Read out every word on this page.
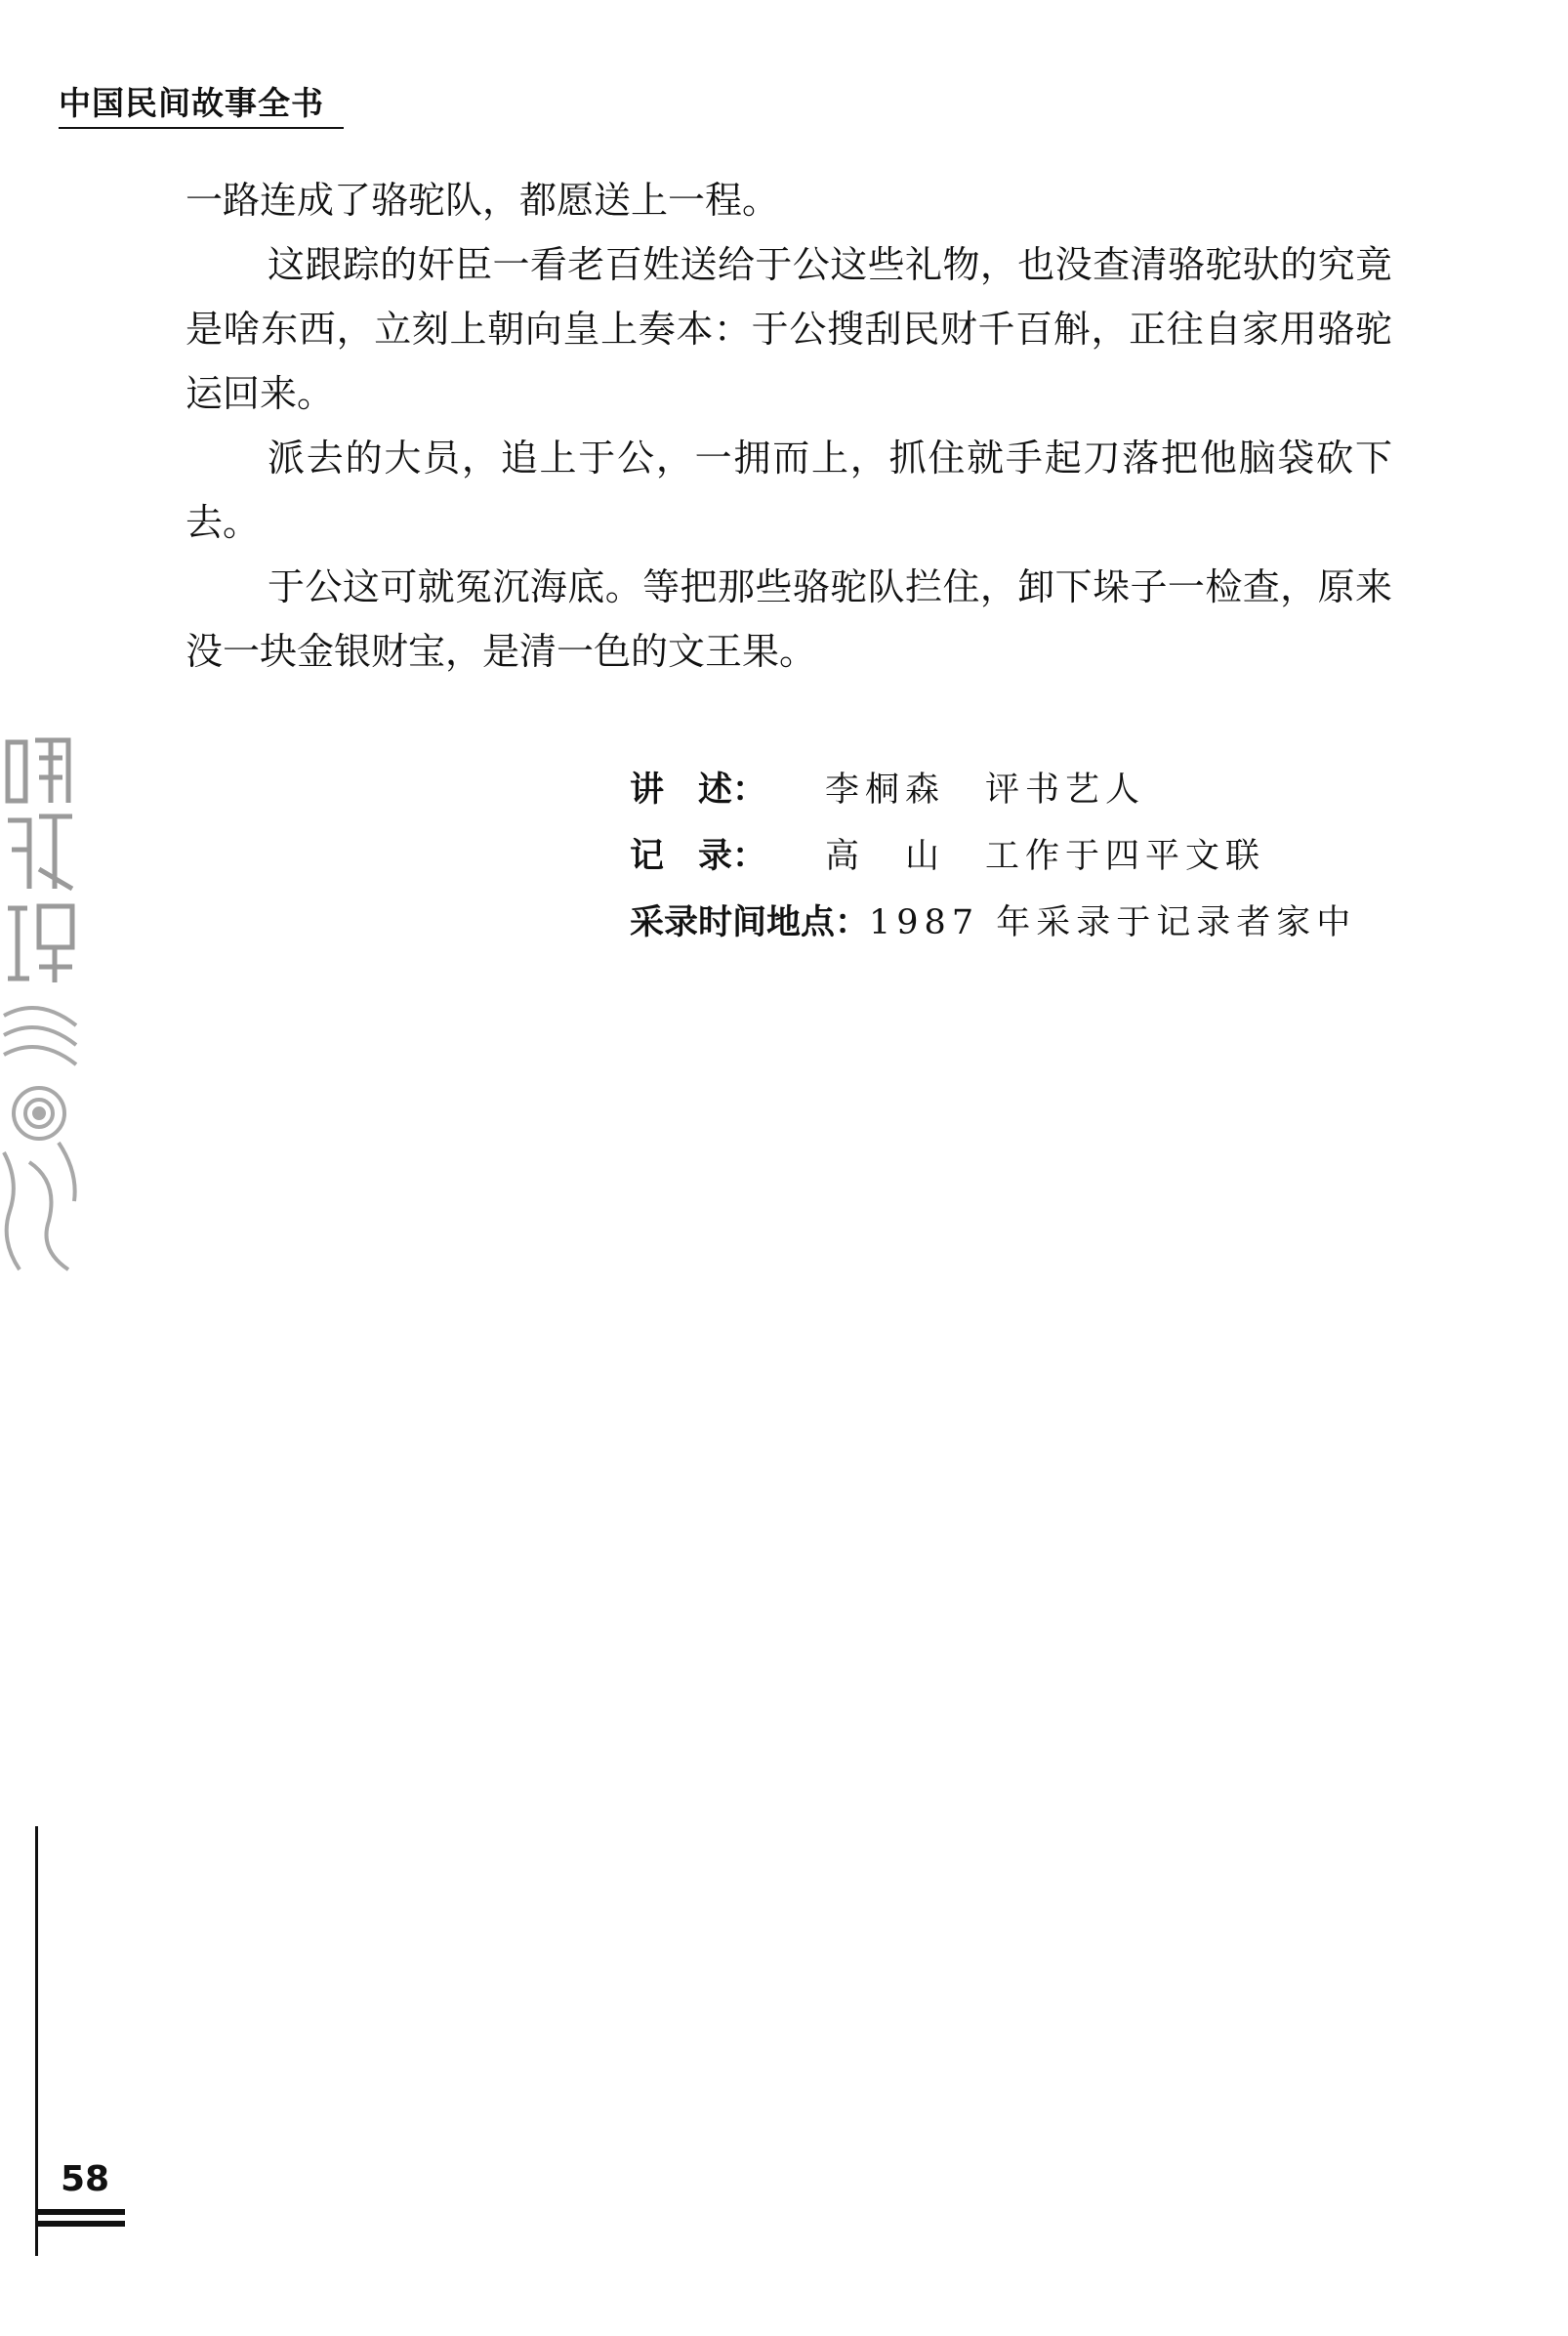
中国民间故事全书

一路连成了骆驼队，都愿送上一程。

这跟踪的奸臣一看老百姓送给于公这些礼物，也没查清骆驼驮的究竟是啥东西，立刻上朝向皇上奏本：于公搜刮民财千百斛，正往自家用骆驼运回来。

派去的大员，追上于公，一拥而上，抓住就手起刀落把他脑袋砍下去。

于公这可就冤沉海底。等把那些骆驼队拦住，卸下垛子一检查，原来没一块金银财宝，是清一色的文王果。

讲　述：	李桐森　评书艺人
记　录：	高　山　工作于四平文联
采录时间地点： 1987 年采录于记录者家中
58
